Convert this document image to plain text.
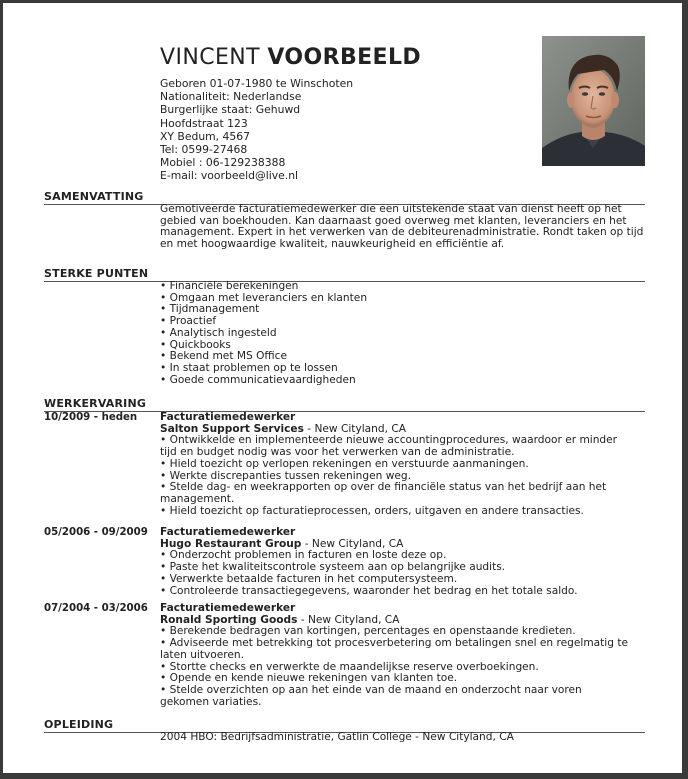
VINCENT VOORBEELD
Geboren 01-07-1980 te Winschoten
Nationaliteit: Nederlandse
Burgerlijke staat: Gehuwd
Hoofdstraat 123
XY Bedum, 4567
Tel: 0599-27468
Mobiel : 06-129238388
E-mail: voorbeeld@live.nl
SAMENVATTING
Gemotiveerde facturatiemedewerker die een uitstekende staat van dienst heeft op het
gebied van boekhouden. Kan daarnaast goed overweg met klanten, leveranciers en het
management. Expert in het verwerken van de debiteurenadministratie. Rondt taken op tijd
en met hoogwaardige kwaliteit, nauwkeurigheid en efficiëntie af.
STERKE PUNTEN
• Financiële berekeningen
• Omgaan met leveranciers en klanten
• Tijdmanagement
• Proactief
• Analytisch ingesteld
• Quickbooks
• Bekend met MS Office
• In staat problemen op te lossen
• Goede communicatievaardigheden
WERKERVARING
10/2009 - heden Facturatiemedewerker
Salton Support Services - New Cityland, CA
• Ontwikkelde en implementeerde nieuwe accountingprocedures, waardoor er minder
tijd en budget nodig was voor het verwerken van de administratie.
• Hield toezicht op verlopen rekeningen en verstuurde aanmaningen.
• Werkte discrepanties tussen rekeningen weg.
• Stelde dag- en weekrapporten op over de financiële status van het bedrijf aan het
management.
• Hield toezicht op facturatieprocessen, orders, uitgaven en andere transacties.
05/2006 - 09/2009 Facturatiemedewerker
Hugo Restaurant Group - New Cityland, CA
• Onderzocht problemen in facturen en loste deze op.
• Paste het kwaliteitscontrole systeem aan op belangrijke audits.
• Verwerkte betaalde facturen in het computersysteem.
• Controleerde transactiegegevens, waaronder het bedrag en het totale saldo.
07/2004 - 03/2006 Facturatiemedewerker
Ronald Sporting Goods - New Cityland, CA
• Berekende bedragen van kortingen, percentages en openstaande kredieten.
• Adviseerde met betrekking tot procesverbetering om betalingen snel en regelmatig te
laten uitvoeren.
• Stortte checks en verwerkte de maandelijkse reserve overboekingen.
• Opende en kende nieuwe rekeningen van klanten toe.
• Stelde overzichten op aan het einde van de maand en onderzocht naar voren
gekomen variaties.
OPLEIDING
2004 HBO: Bedrijfsadministratie, Gatlin College - New Cityland, CA
